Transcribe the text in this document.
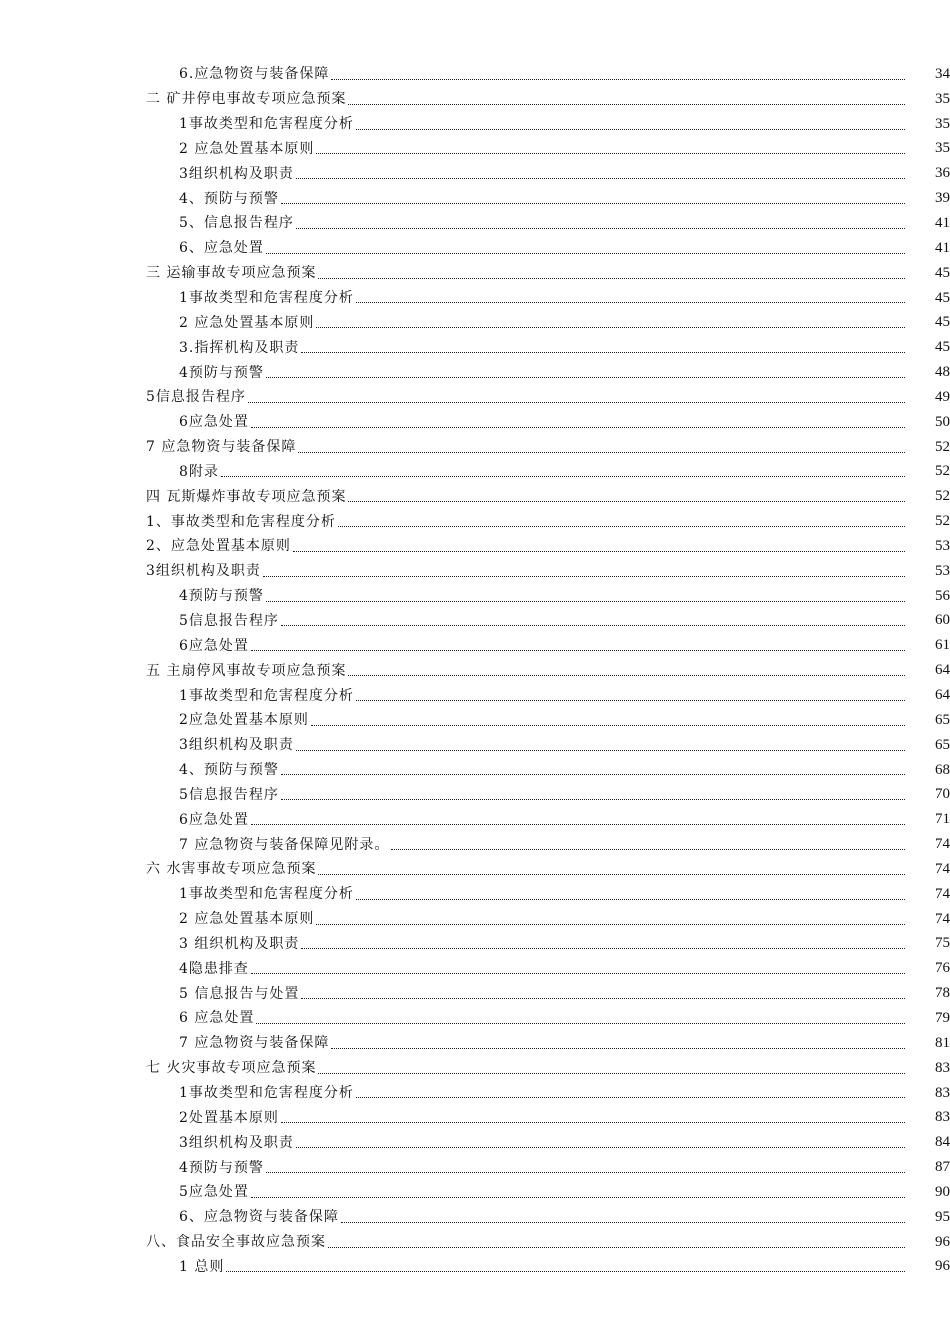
6.应急物资与装备保障	34
二 矿井停电事故专项应急预案	35
1事故类型和危害程度分析	35
2 应急处置基本原则	35
3组织机构及职责	36
4、预防与预警	39
5、信息报告程序	41
6、应急处置	41
三 运输事故专项应急预案	45
1事故类型和危害程度分析	45
2 应急处置基本原则	45
3.指挥机构及职责	45
4预防与预警	48
5信息报告程序	49
6应急处置	50
7 应急物资与装备保障	52
8附录	52
四 瓦斯爆炸事故专项应急预案	52
1、事故类型和危害程度分析	52
2、应急处置基本原则	53
3组织机构及职责	53
4预防与预警	56
5信息报告程序	60
6应急处置	61
五 主扇停风事故专项应急预案	64
1事故类型和危害程度分析	64
2应急处置基本原则	65
3组织机构及职责	65
4、预防与预警	68
5信息报告程序	70
6应急处置	71
7 应急物资与装备保障见附录。	74
六 水害事故专项应急预案	74
1事故类型和危害程度分析	74
2 应急处置基本原则	74
3 组织机构及职责	75
4隐患排查	76
5 信息报告与处置	78
6 应急处置	79
7 应急物资与装备保障	81
七 火灾事故专项应急预案	83
1事故类型和危害程度分析	83
2处置基本原则	83
3组织机构及职责	84
4预防与预警	87
5应急处置	90
6、应急物资与装备保障	95
八、食品安全事故应急预案	96
1 总则	96
